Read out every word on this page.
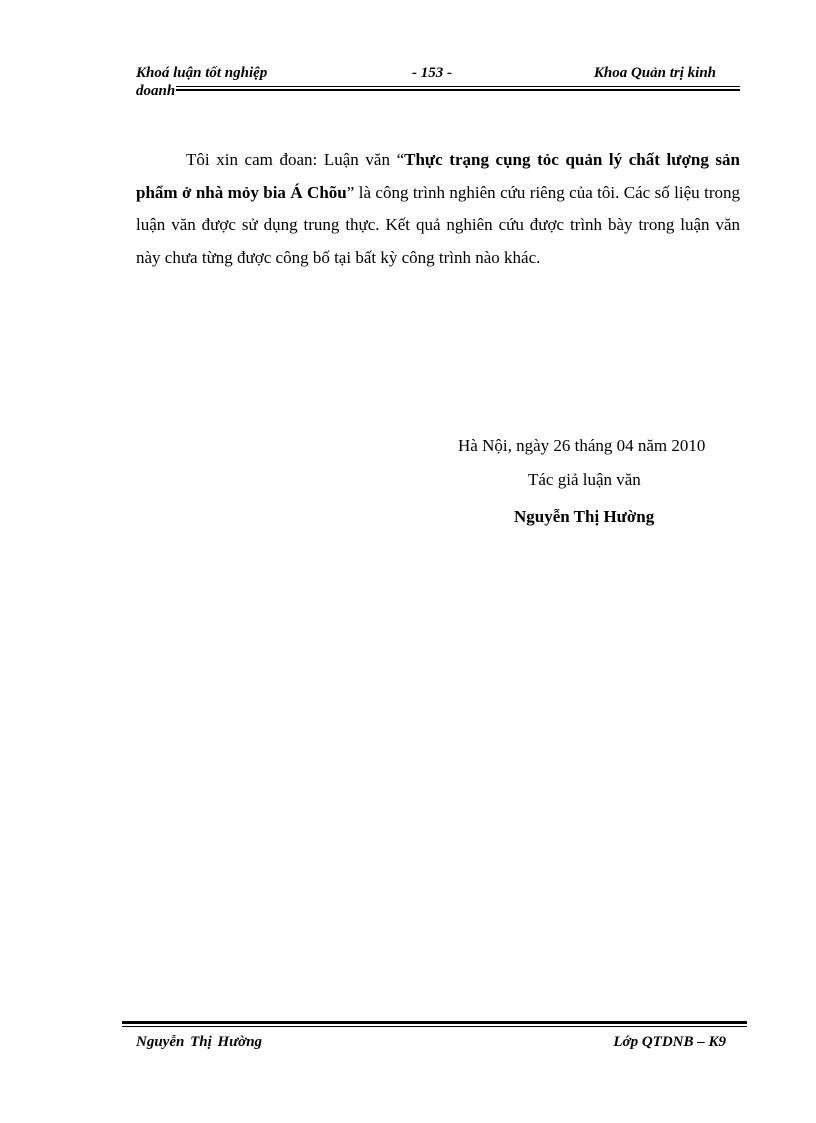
Khoá luận tốt nghiệp	- 153 -	Khoa Quản trị kinh
doanh

Tôi xin cam đoan: Luận văn “Thực trạng cụng tỏc quản lý chất lượng sản phẩm ở nhà mỏy bia Á Chõu” là công trình nghiên cứu riêng của tôi. Các số liệu trong luận văn được sử dụng trung thực. Kết quả nghiên cứu được trình bày trong luận văn này chưa từng được công bố tại bất kỳ công trình nào khác.

Hà Nội, ngày 26 tháng 04 năm 2010
Tác giả luận văn
Nguyễn Thị Hường
Nguyễn Thị Hường	Lớp QTDNB – K9
